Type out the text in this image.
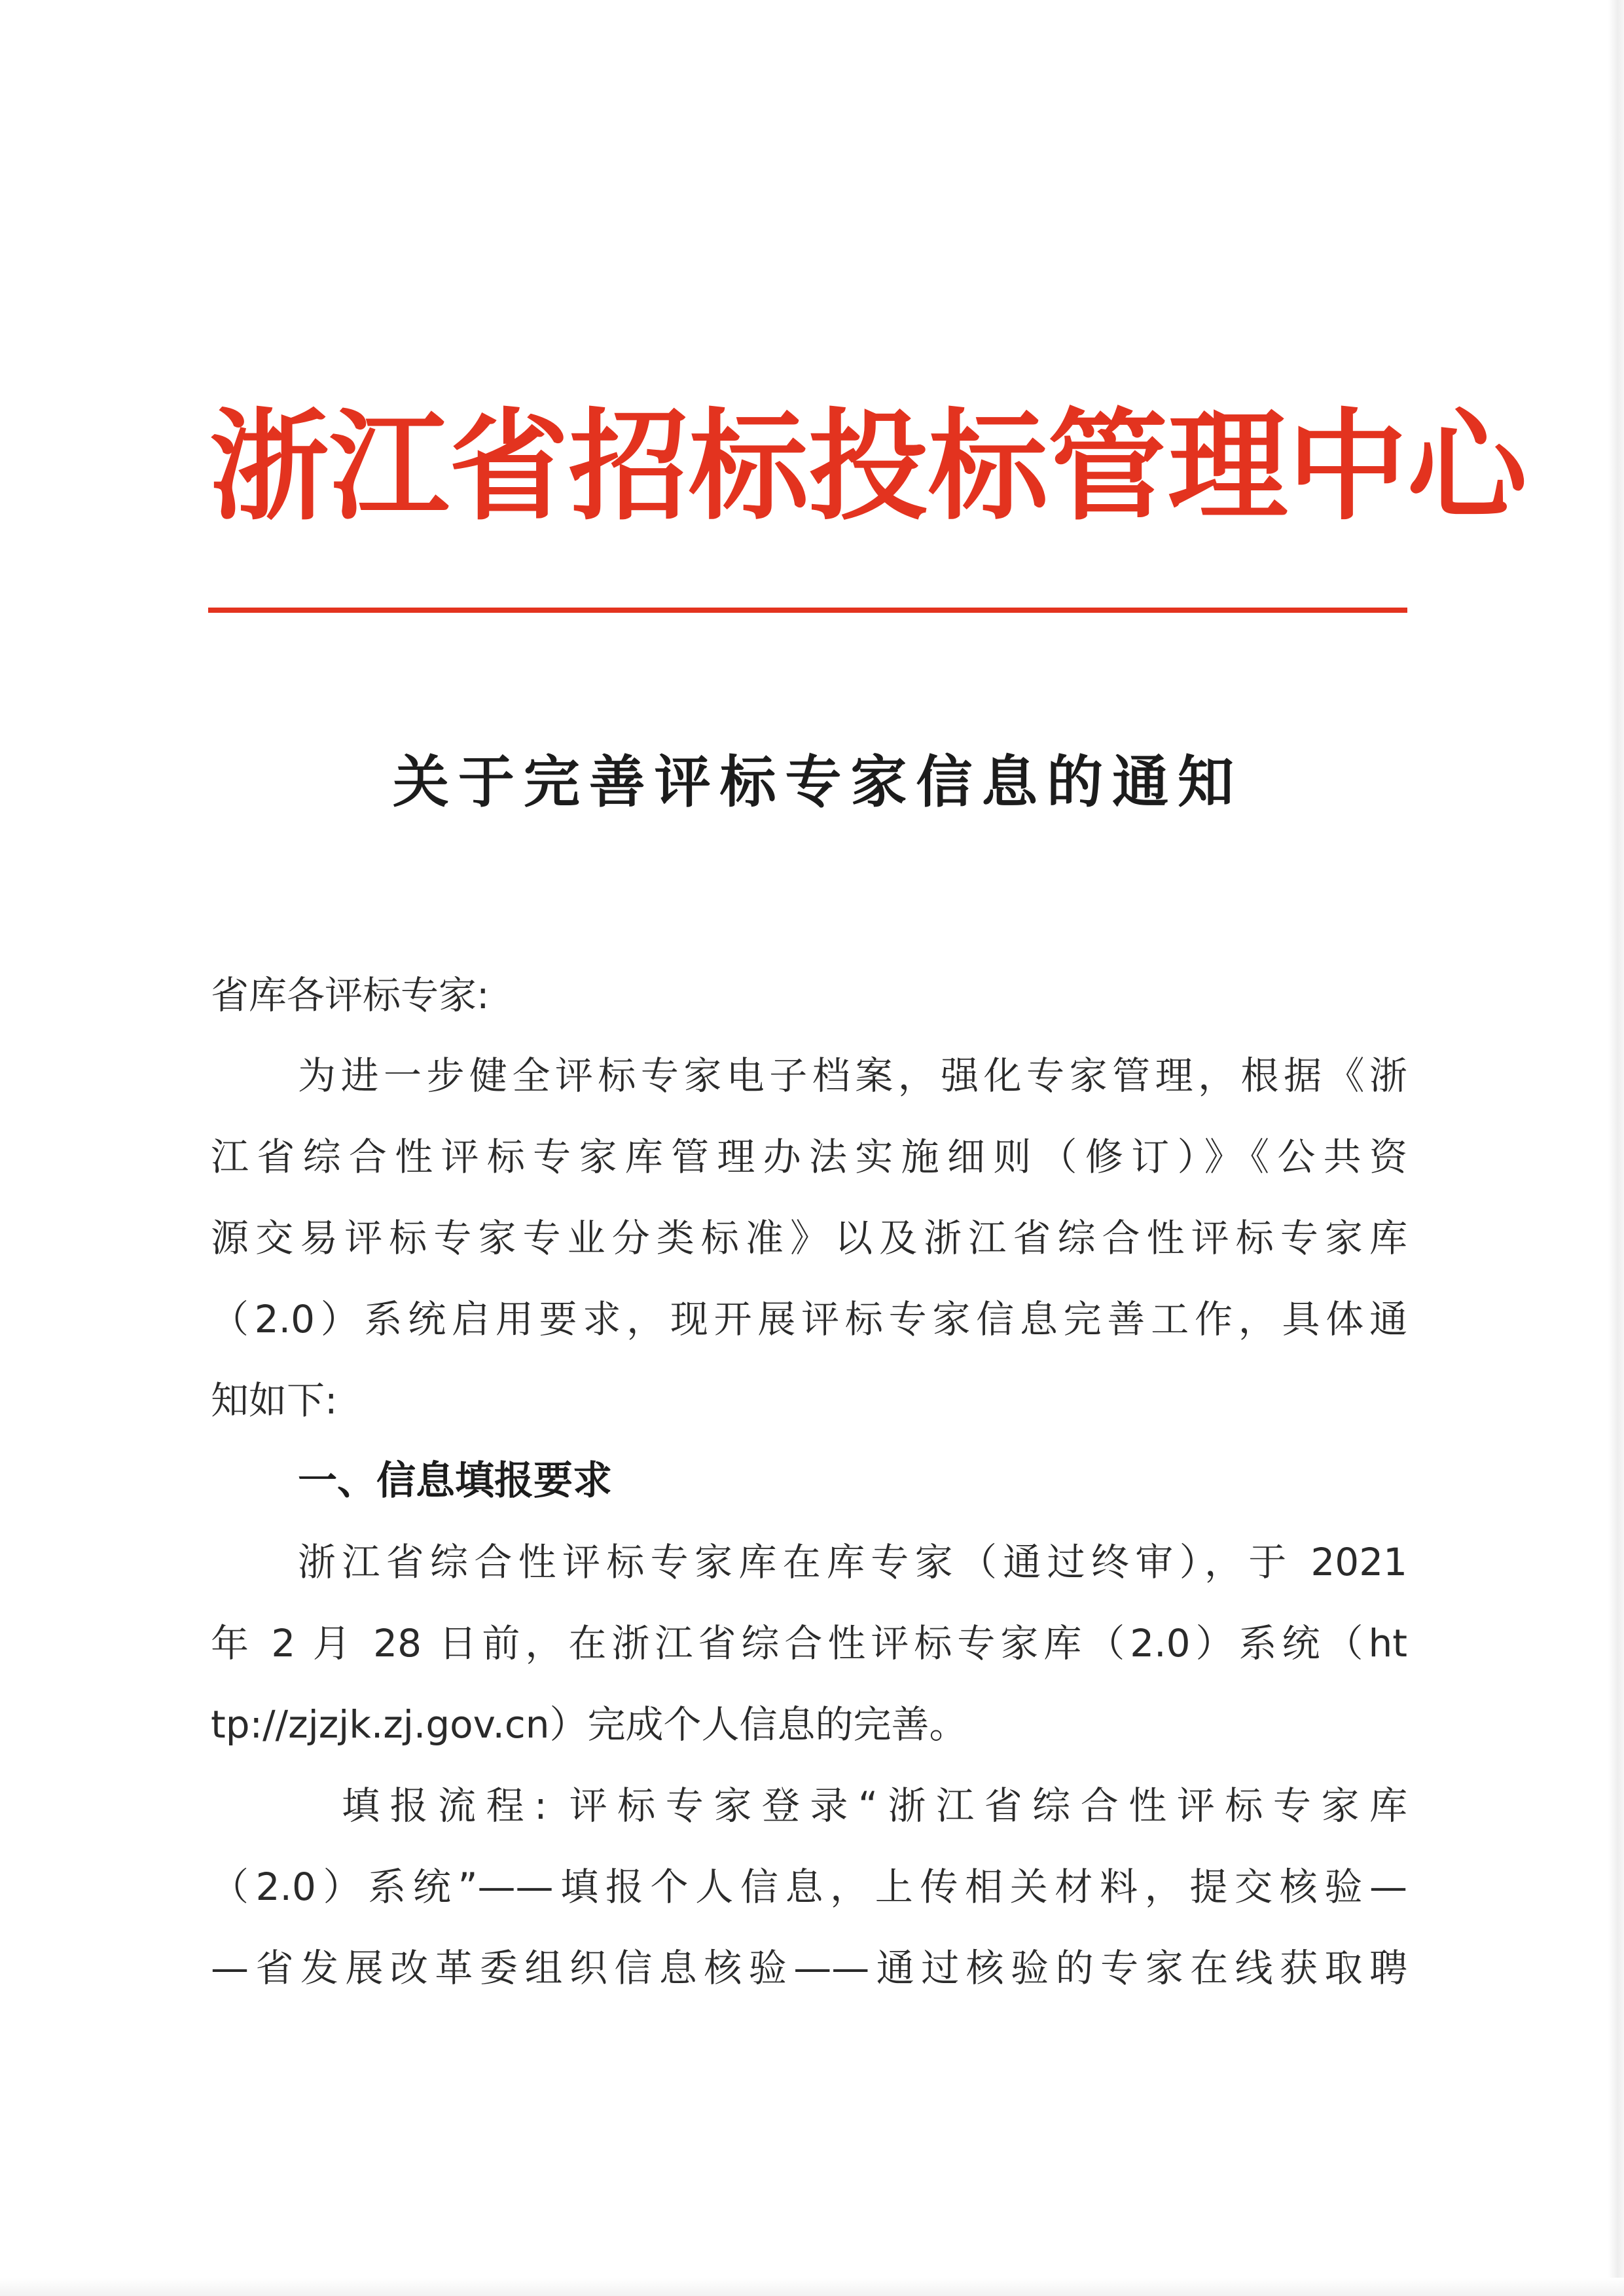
浙江省招标投标管理中心
关于完善评标专家信息的通知

省库各评标专家:

为进一步健全评标专家电子档案，强化专家管理，根据《浙

江省综合性评标专家库管理办法实施细则（修订）》《公共资

源交易评标专家专业分类标准》以及浙江省综合性评标专家库

（2.0）系统启用要求，现开展评标专家信息完善工作，具体通

知如下:

一、信息填报要求

浙江省综合性评标专家库在库专家（通过终审），于 2021

年 2 月 28 日前，在浙江省综合性评标专家库（2.0）系统（ht

tp://zjzjk.zj.gov.cn）完成个人信息的完善。

填报流程: 评标专家登录“浙江省综合性评标专家库

（2.0）系统”——填报个人信息，上传相关材料，提交核验—

—省发展改革委组织信息核验——通过核验的专家在线获取聘
